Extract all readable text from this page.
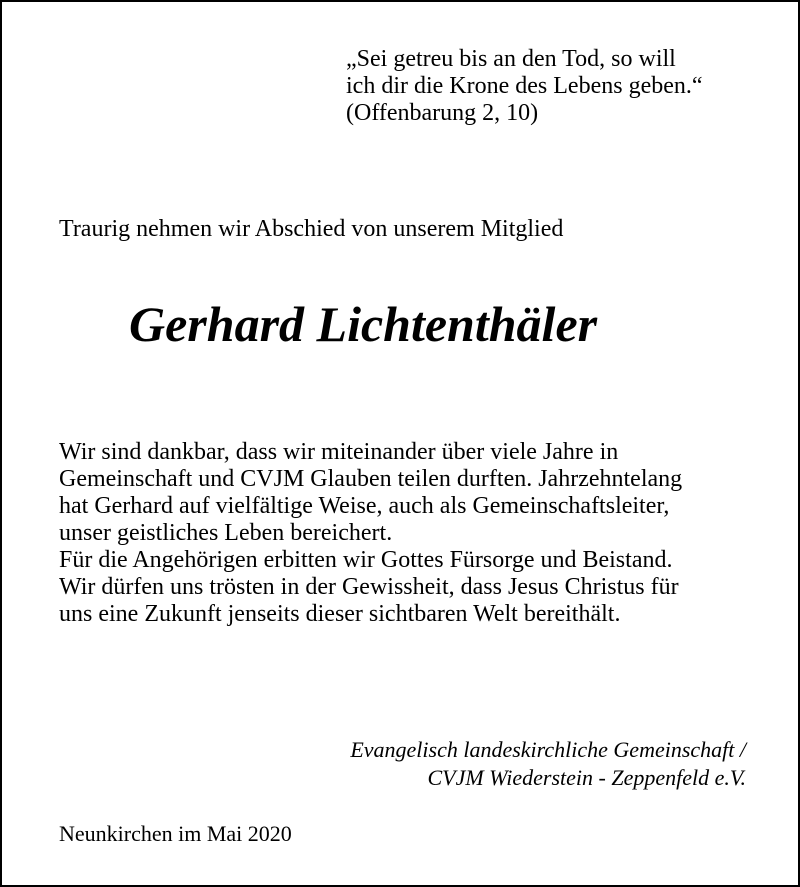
„Sei getreu bis an den Tod, so will
ich dir die Krone des Lebens geben.“
(Offenbarung 2, 10)
Traurig nehmen wir Abschied von unserem Mitglied
Gerhard Lichtenthäler
Wir sind dankbar, dass wir miteinander über viele Jahre in
Gemeinschaft und CVJM Glauben teilen durften. Jahrzehntelang
hat Gerhard auf vielfältige Weise, auch als Gemeinschaftsleiter,
unser geistliches Leben bereichert.
Für die Angehörigen erbitten wir Gottes Fürsorge und Beistand.
Wir dürfen uns trösten in der Gewissheit, dass Jesus Christus für
uns eine Zukunft jenseits dieser sichtbaren Welt bereithält.
Evangelisch landeskirchliche Gemeinschaft /
CVJM Wiederstein - Zeppenfeld e.V.
Neunkirchen im Mai 2020
